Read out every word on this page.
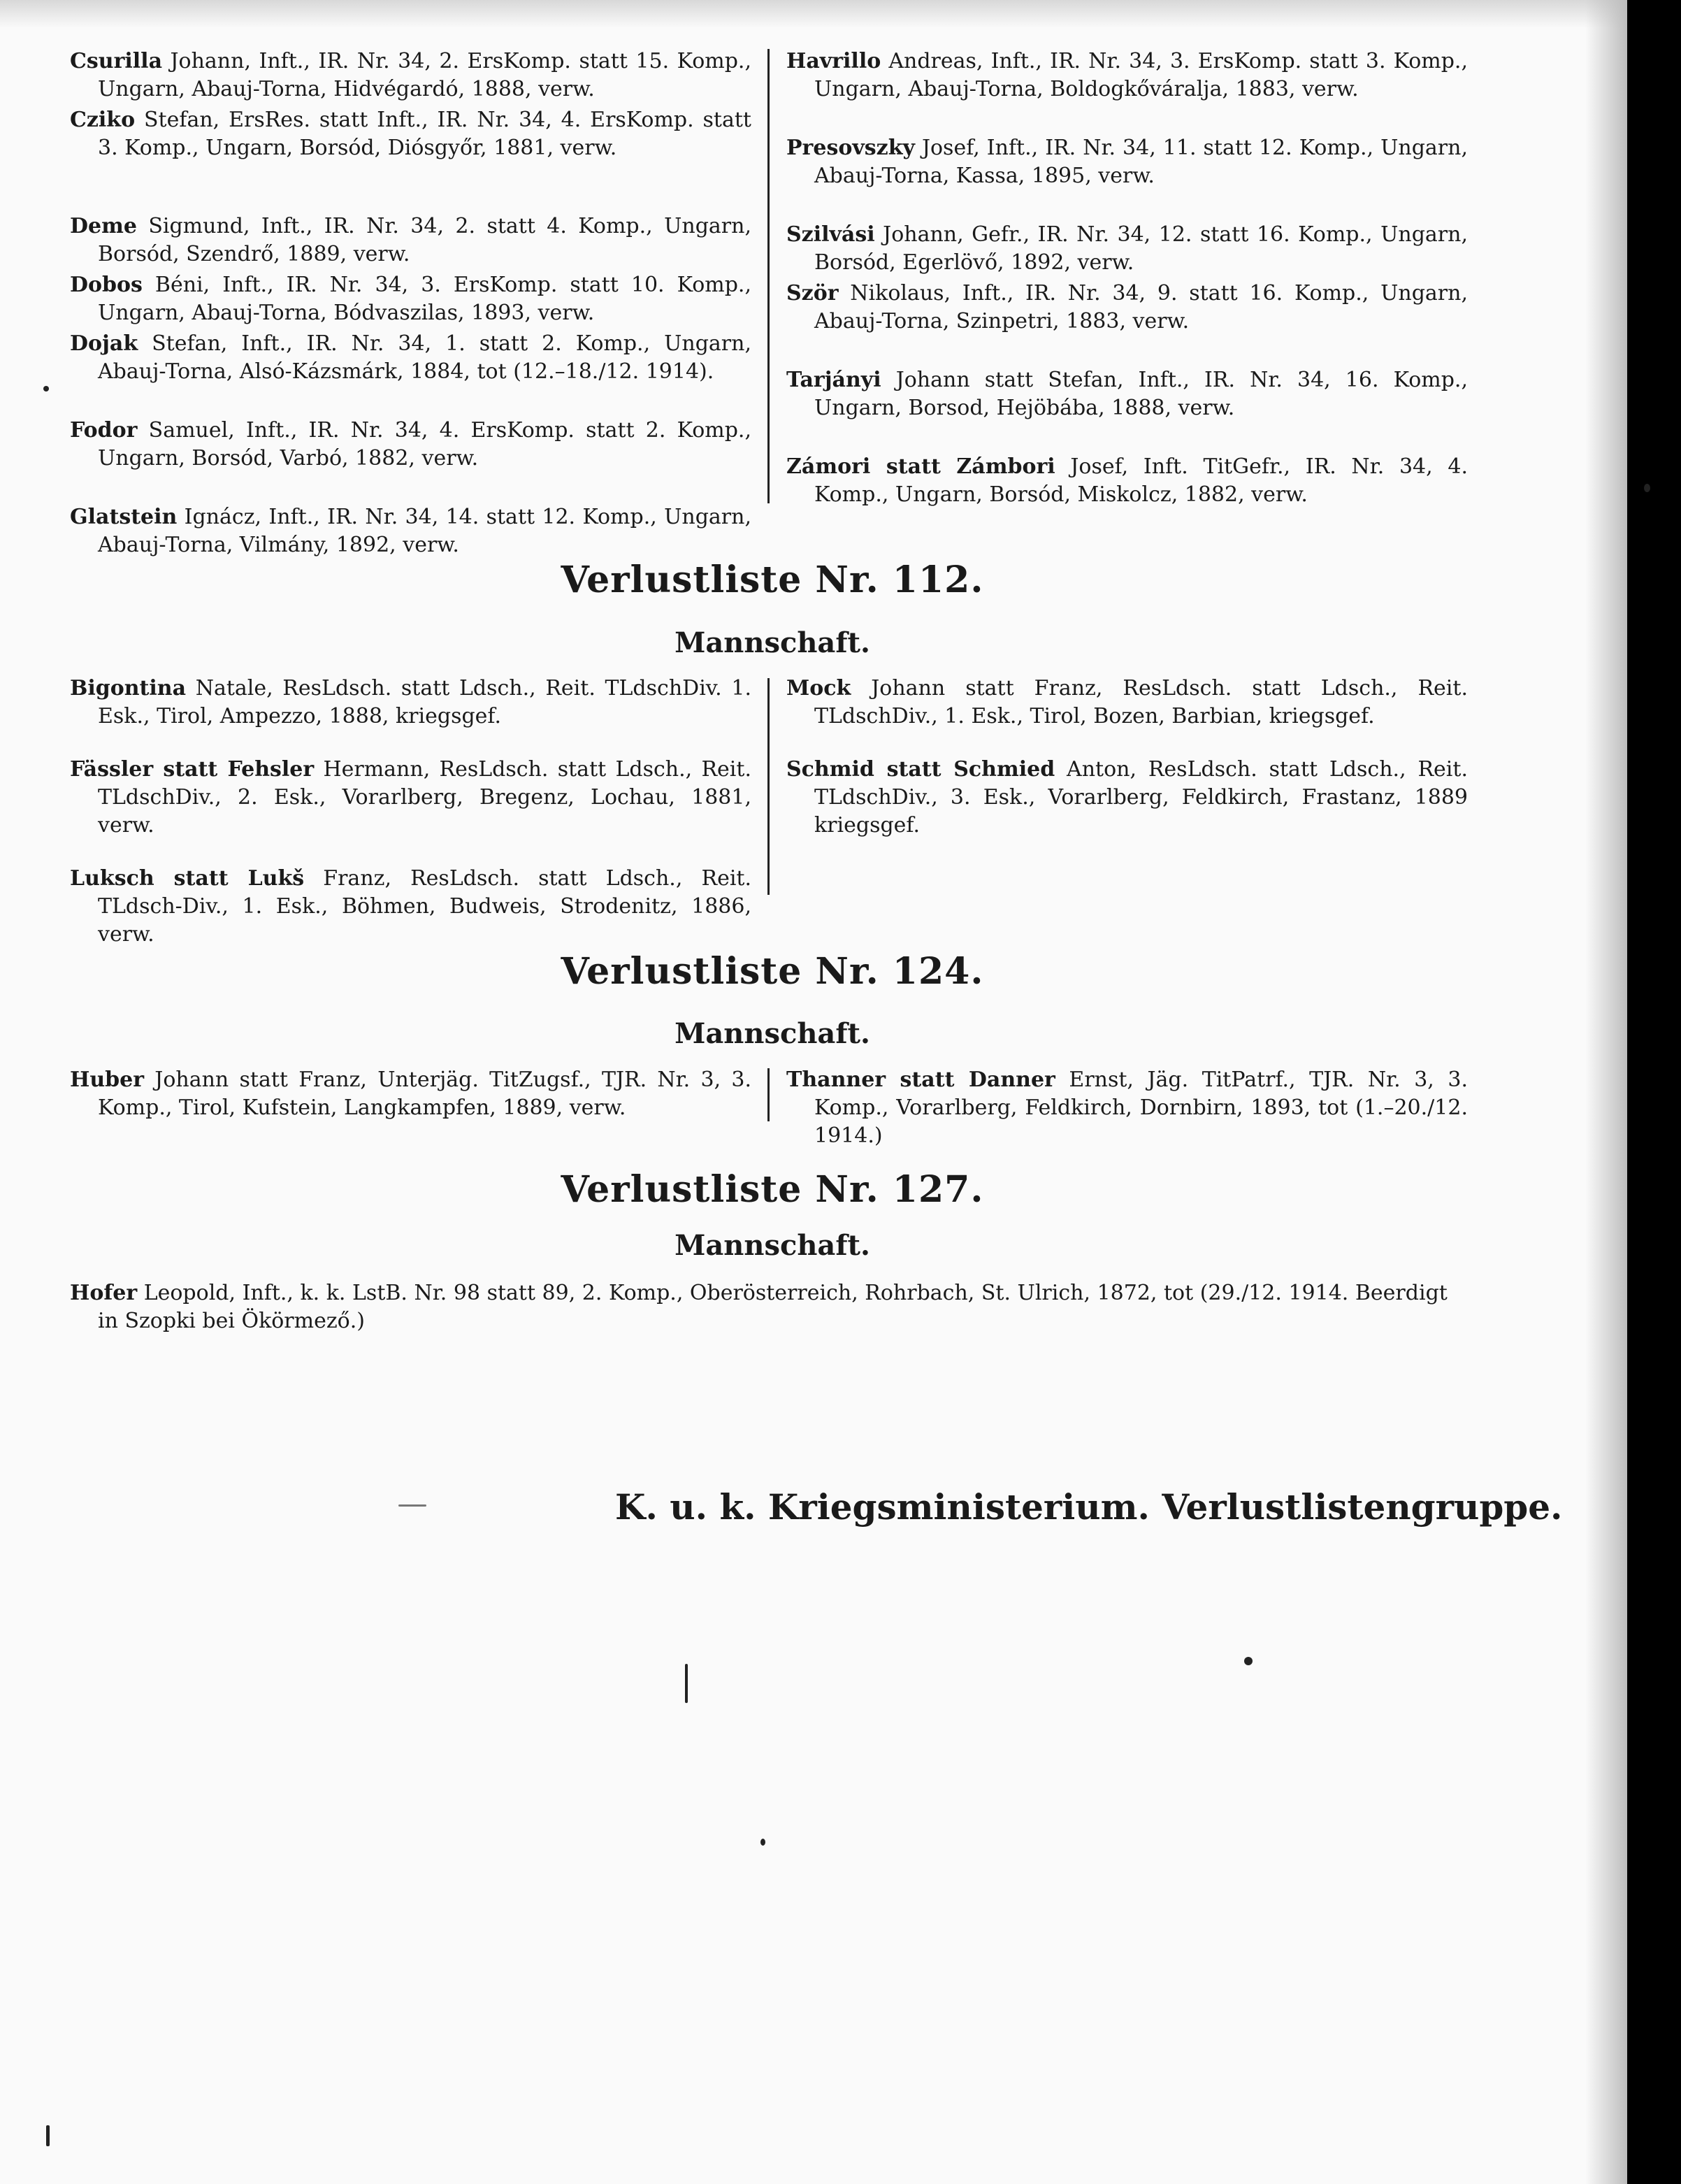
Csurilla Johann, Inft., IR. Nr. 34, 2. ErsKomp. statt 15. Komp., Ungarn, Abauj-Torna, Hidvégardó, 1888, verw.

Cziko Stefan, ErsRes. statt Inft., IR. Nr. 34, 4. ErsKomp. statt 3. Komp., Ungarn, Borsód, Diósgyőr, 1881, verw.

Deme Sigmund, Inft., IR. Nr. 34, 2. statt 4. Komp., Ungarn, Borsód, Szendrő, 1889, verw.

Dobos Béni, Inft., IR. Nr. 34, 3. ErsKomp. statt 10. Komp., Ungarn, Abauj-Torna, Bódvaszilas, 1893, verw.

Dojak Stefan, Inft., IR. Nr. 34, 1. statt 2. Komp., Ungarn, Abauj-Torna, Alsó-Kázsmárk, 1884, tot (12.–18./12. 1914).

Fodor Samuel, Inft., IR. Nr. 34, 4. ErsKomp. statt 2. Komp., Ungarn, Borsód, Varbó, 1882, verw.

Glatstein Ignácz, Inft., IR. Nr. 34, 14. statt 12. Komp., Ungarn, Abauj-Torna, Vilmány, 1892, verw.

Havrillo Andreas, Inft., IR. Nr. 34, 3. ErsKomp. statt 3. Komp., Ungarn, Abauj-Torna, Boldogkőváralja, 1883, verw.

Presovszky Josef, Inft., IR. Nr. 34, 11. statt 12. Komp., Ungarn, Abauj-Torna, Kassa, 1895, verw.

Szilvási Johann, Gefr., IR. Nr. 34, 12. statt 16. Komp., Ungarn, Borsód, Egerlövő, 1892, verw.

Ször Nikolaus, Inft., IR. Nr. 34, 9. statt 16. Komp., Ungarn, Abauj-Torna, Szinpetri, 1883, verw.

Tarjányi Johann statt Stefan, Inft., IR. Nr. 34, 16. Komp., Ungarn, Borsod, Hejöbába, 1888, verw.

Zámori statt Zámbori Josef, Inft. TitGefr., IR. Nr. 34, 4. Komp., Ungarn, Borsód, Miskolcz, 1882, verw.

Verlustliste Nr. 112.
Mannschaft.

Bigontina Natale, ResLdsch. statt Ldsch., Reit. TLdschDiv. 1. Esk., Tirol, Ampezzo, 1888, kriegsgef.

Fässler statt Fehsler Hermann, ResLdsch. statt Ldsch., Reit. TLdschDiv., 2. Esk., Vorarlberg, Bregenz, Lochau, 1881, verw.

Luksch statt Lukš Franz, ResLdsch. statt Ldsch., Reit. TLdsch-Div., 1. Esk., Böhmen, Budweis, Strodenitz, 1886, verw.

Mock Johann statt Franz, ResLdsch. statt Ldsch., Reit. TLdschDiv., 1. Esk., Tirol, Bozen, Barbian, kriegsgef.

Schmid statt Schmied Anton, ResLdsch. statt Ldsch., Reit. TLdschDiv., 3. Esk., Vorarlberg, Feldkirch, Frastanz, 1889 kriegsgef.

Verlustliste Nr. 124.
Mannschaft.

Huber Johann statt Franz, Unterjäg. TitZugsf., TJR. Nr. 3, 3. Komp., Tirol, Kufstein, Langkampfen, 1889, verw.

Thanner statt Danner Ernst, Jäg. TitPatrf., TJR. Nr. 3, 3. Komp., Vorarlberg, Feldkirch, Dornbirn, 1893, tot (1.–20./12. 1914.)

Verlustliste Nr. 127.
Mannschaft.

Hofer Leopold, Inft., k. k. LstB. Nr. 98 statt 89, 2. Komp., Oberösterreich, Rohrbach, St. Ulrich, 1872, tot (29./12. 1914. Beerdigt in Szopki bei Ökörmező.)

K. u. k. Kriegsministerium. Verlustlistengruppe.
